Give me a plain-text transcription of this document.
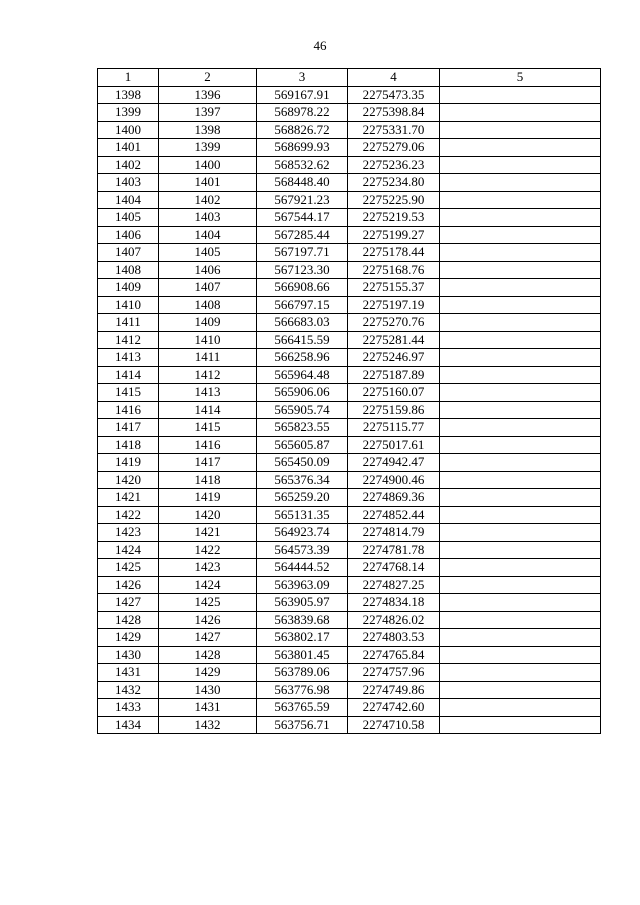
46
1	2	3	4	5
1398	1396	569167.91	2275473.35	
1399	1397	568978.22	2275398.84	
1400	1398	568826.72	2275331.70	
1401	1399	568699.93	2275279.06	
1402	1400	568532.62	2275236.23	
1403	1401	568448.40	2275234.80	
1404	1402	567921.23	2275225.90	
1405	1403	567544.17	2275219.53	
1406	1404	567285.44	2275199.27	
1407	1405	567197.71	2275178.44	
1408	1406	567123.30	2275168.76	
1409	1407	566908.66	2275155.37	
1410	1408	566797.15	2275197.19	
1411	1409	566683.03	2275270.76	
1412	1410	566415.59	2275281.44	
1413	1411	566258.96	2275246.97	
1414	1412	565964.48	2275187.89	
1415	1413	565906.06	2275160.07	
1416	1414	565905.74	2275159.86	
1417	1415	565823.55	2275115.77	
1418	1416	565605.87	2275017.61	
1419	1417	565450.09	2274942.47	
1420	1418	565376.34	2274900.46	
1421	1419	565259.20	2274869.36	
1422	1420	565131.35	2274852.44	
1423	1421	564923.74	2274814.79	
1424	1422	564573.39	2274781.78	
1425	1423	564444.52	2274768.14	
1426	1424	563963.09	2274827.25	
1427	1425	563905.97	2274834.18	
1428	1426	563839.68	2274826.02	
1429	1427	563802.17	2274803.53	
1430	1428	563801.45	2274765.84	
1431	1429	563789.06	2274757.96	
1432	1430	563776.98	2274749.86	
1433	1431	563765.59	2274742.60	
1434	1432	563756.71	2274710.58	
